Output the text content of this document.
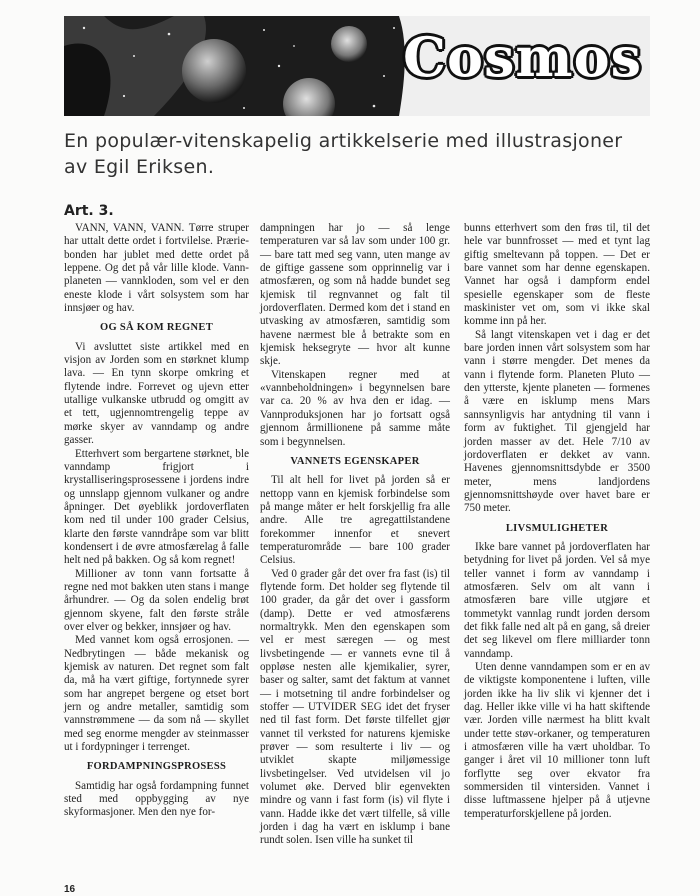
Cosmos
En populær-vitenskapelig artikkelserie med illustrasjoner av Egil Eriksen.
Art. 3.

VANN, VANN, VANN. Tørre struper har uttalt dette ordet i fortvilelse. Præriebonden har jublet med dette ordet på leppene. Og det på vår lille klode. Vann-planeten — vannkloden, som vel er den eneste klode i vårt solsystem som har innsjøer og hav.

OG SÅ KOM REGNET

Vi avsluttet siste artikkel med en visjon av Jorden som en størknet klump lava. — En tynn skorpe omkring et flytende indre. Forrevet og ujevn etter utallige vulkanske utbrudd og omgitt av et tett, ugjennomtrengelig teppe av mørke skyer av vanndamp og andre gasser.

Etterhvert som bergartene størknet, ble vanndamp frigjort i krystalliseringsprosessene i jordens indre og unnslapp gjennom vulkaner og andre åpninger. Det øyeblikk jordoverflaten kom ned til under 100 grader Celsius, klarte den første vanndråpe som var blitt kondensert i de øvre atmosfærelag å falle helt ned på bakken. Og så kom regnet!

Millioner av tonn vann fortsatte å regne ned mot bakken uten stans i mange århundrer. — Og da solen endelig brøt gjennom skyene, falt den første stråle over elver og bekker, innsjøer og hav.

Med vannet kom også errosjonen. — Nedbrytingen — både mekanisk og kjemisk av naturen. Det regnet som falt da, må ha vært giftige, fortynnede syrer som har angrepet bergene og etset bort jern og andre metaller, samtidig som vannstrømmene — da som nå — skyllet med seg enorme mengder av steinmasser ut i fordypninger i terrenget.

FORDAMPNINGSPROSESS

Samtidig har også fordampning funnet sted med oppbygging av nye skyformasjoner. Men den nye for-

dampningen har jo — så lenge temperaturen var så lav som under 100 gr. — bare tatt med seg vann, uten mange av de giftige gassene som opprinnelig var i atmosfæren, og som nå hadde bundet seg kjemisk til regnvannet og falt til jordoverflaten. Dermed kom det i stand en utvasking av atmosfæren, samtidig som havene nærmest ble å betrakte som en kjemisk heksegryte — hvor alt kunne skje.

Vitenskapen regner med at «vannbeholdningen» i begynnelsen bare var ca. 20 % av hva den er idag. — Vannproduksjonen har jo fortsatt også gjennom årmillionene på samme måte som i begynnelsen.

VANNETS EGENSKAPER

Til alt hell for livet på jorden så er nettopp vann en kjemisk forbindelse som på mange måter er helt forskjellig fra alle andre. Alle tre agregattilstandene forekommer innenfor et snevert temperaturområde — bare 100 grader Celsius.

Ved 0 grader går det over fra fast (is) til flytende form. Det holder seg flytende til 100 grader, da går det over i gassform (damp). Dette er ved atmosfærens normaltrykk. Men den egenskapen som vel er mest særegen — og mest livsbetingende — er vannets evne til å oppløse nesten alle kjemikalier, syrer, baser og salter, samt det faktum at vannet — i motsetning til andre forbindelser og stoffer — UTVIDER SEG idet det fryser ned til fast form. Det første tilfellet gjør vannet til verksted for naturens kjemiske prøver — som resulterte i liv — og utviklet skapte miljømessige livsbetingelser. Ved utvidelsen vil jo volumet øke. Derved blir egenvekten mindre og vann i fast form (is) vil flyte i vann. Hadde ikke det vært tilfelle, så ville jorden i dag ha vært en isklump i bane rundt solen. Isen ville ha sunket til

bunns etterhvert som den frøs til, til det hele var bunnfrosset — med et tynt lag giftig smeltevann på toppen. — Det er bare vannet som har denne egenskapen. Vannet har også i dampform endel spesielle egenskaper som de fleste maskinister vet om, som vi ikke skal komme inn på her.

Så langt vitenskapen vet i dag er det bare jorden innen vårt solsystem som har vann i større mengder. Det menes da vann i flytende form. Planeten Pluto — den ytterste, kjente planeten — formenes å være en isklump mens Mars sannsynligvis har antydning til vann i form av fuktighet. Til gjengjeld har jorden masser av det. Hele 7/10 av jordoverflaten er dekket av vann. Havenes gjennomsnittsdybde er 3500 meter, mens landjordens gjennomsnittshøyde over havet bare er 750 meter.

LIVSMULIGHETER

Ikke bare vannet på jordoverflaten har betydning for livet på jorden. Vel så mye teller vannet i form av vanndamp i atmosfæren. Selv om alt vann i atmosfæren bare ville utgjøre et tommetykt vannlag rundt jorden dersom det fikk falle ned alt på en gang, så dreier det seg likevel om flere milliarder tonn vanndamp.

Uten denne vanndampen som er en av de viktigste komponentene i luften, ville jorden ikke ha liv slik vi kjenner det i dag. Heller ikke ville vi ha hatt skiftende vær. Jorden ville nærmest ha blitt kvalt under tette støv-orkaner, og temperaturen i atmosfæren ville ha vært uholdbar. To ganger i året vil 10 millioner tonn luft forflytte seg over ekvator fra sommersiden til vintersiden. Vannet i disse luftmassene hjelper på å utjevne temperaturforskjellene på jorden.

16
